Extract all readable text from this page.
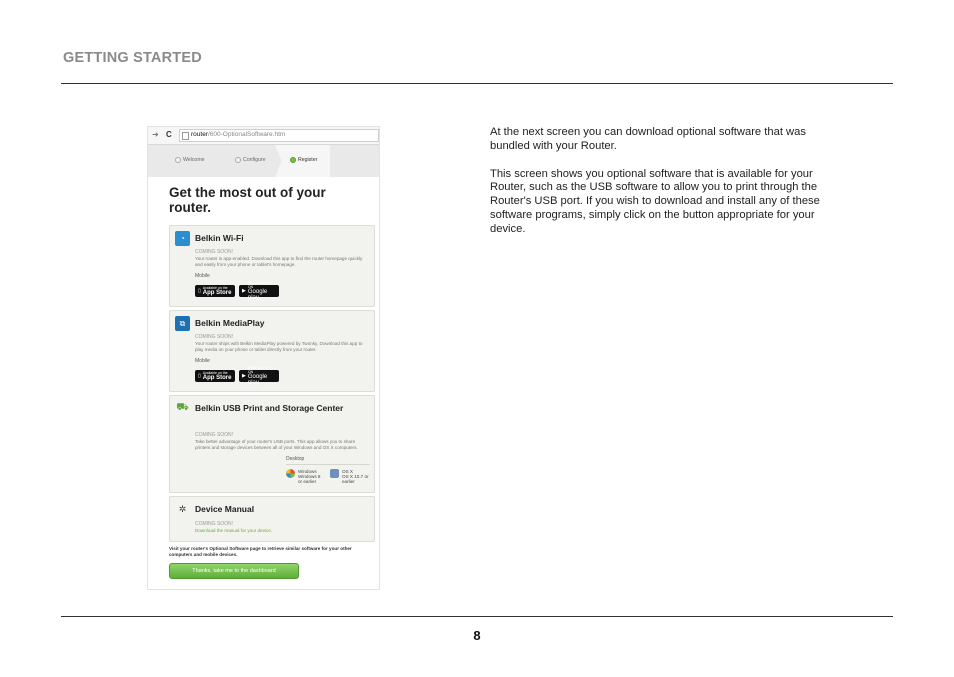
GETTING STARTED
➜ C	router/600-OptionalSoftware.htm
Welcome	Configure	Register
Get the most out of your router.
◔	Belkin Wi-Fi
COMING SOON!
Your router is app-enabled. Download this app to find the router homepage quickly and easily from your phone or tablet's homepage.
Mobile
▯ Available on the
App Store ▶
ANDROID APP ON
Google play
⧉	Belkin MediaPlay
COMING SOON!
Your router ships with Belkin MediaPlay powered by Twonky. Download this app to play media on your phone or tablet directly from your router.
Mobile
▯ Available on the
App Store ▶
ANDROID APP ON
Google play
⛟ Belkin USB Print and Storage Center
COMING SOON!
Take better advantage of your router's USB ports. This app allows you to share printers and storage devices between all of your Windows and OS X computers.
Desktop
Windows
Windows 8
or earlier
OS X
OS X 10.7 or
earlier
✲	Device Manual
COMING SOON!
Download the manual for your device.
Visit your router's Optional Software page to retrieve similar software for your other computers and mobile devices.
Thanks, take me to the dashboard

At the next screen you can download optional software that was bundled with your Router.

This screen shows you optional software that is available for your Router, such as the USB software to allow you to print through the Router's USB port. If you wish to download and install any of these software programs, simply click on the button appropriate for your device.

8
